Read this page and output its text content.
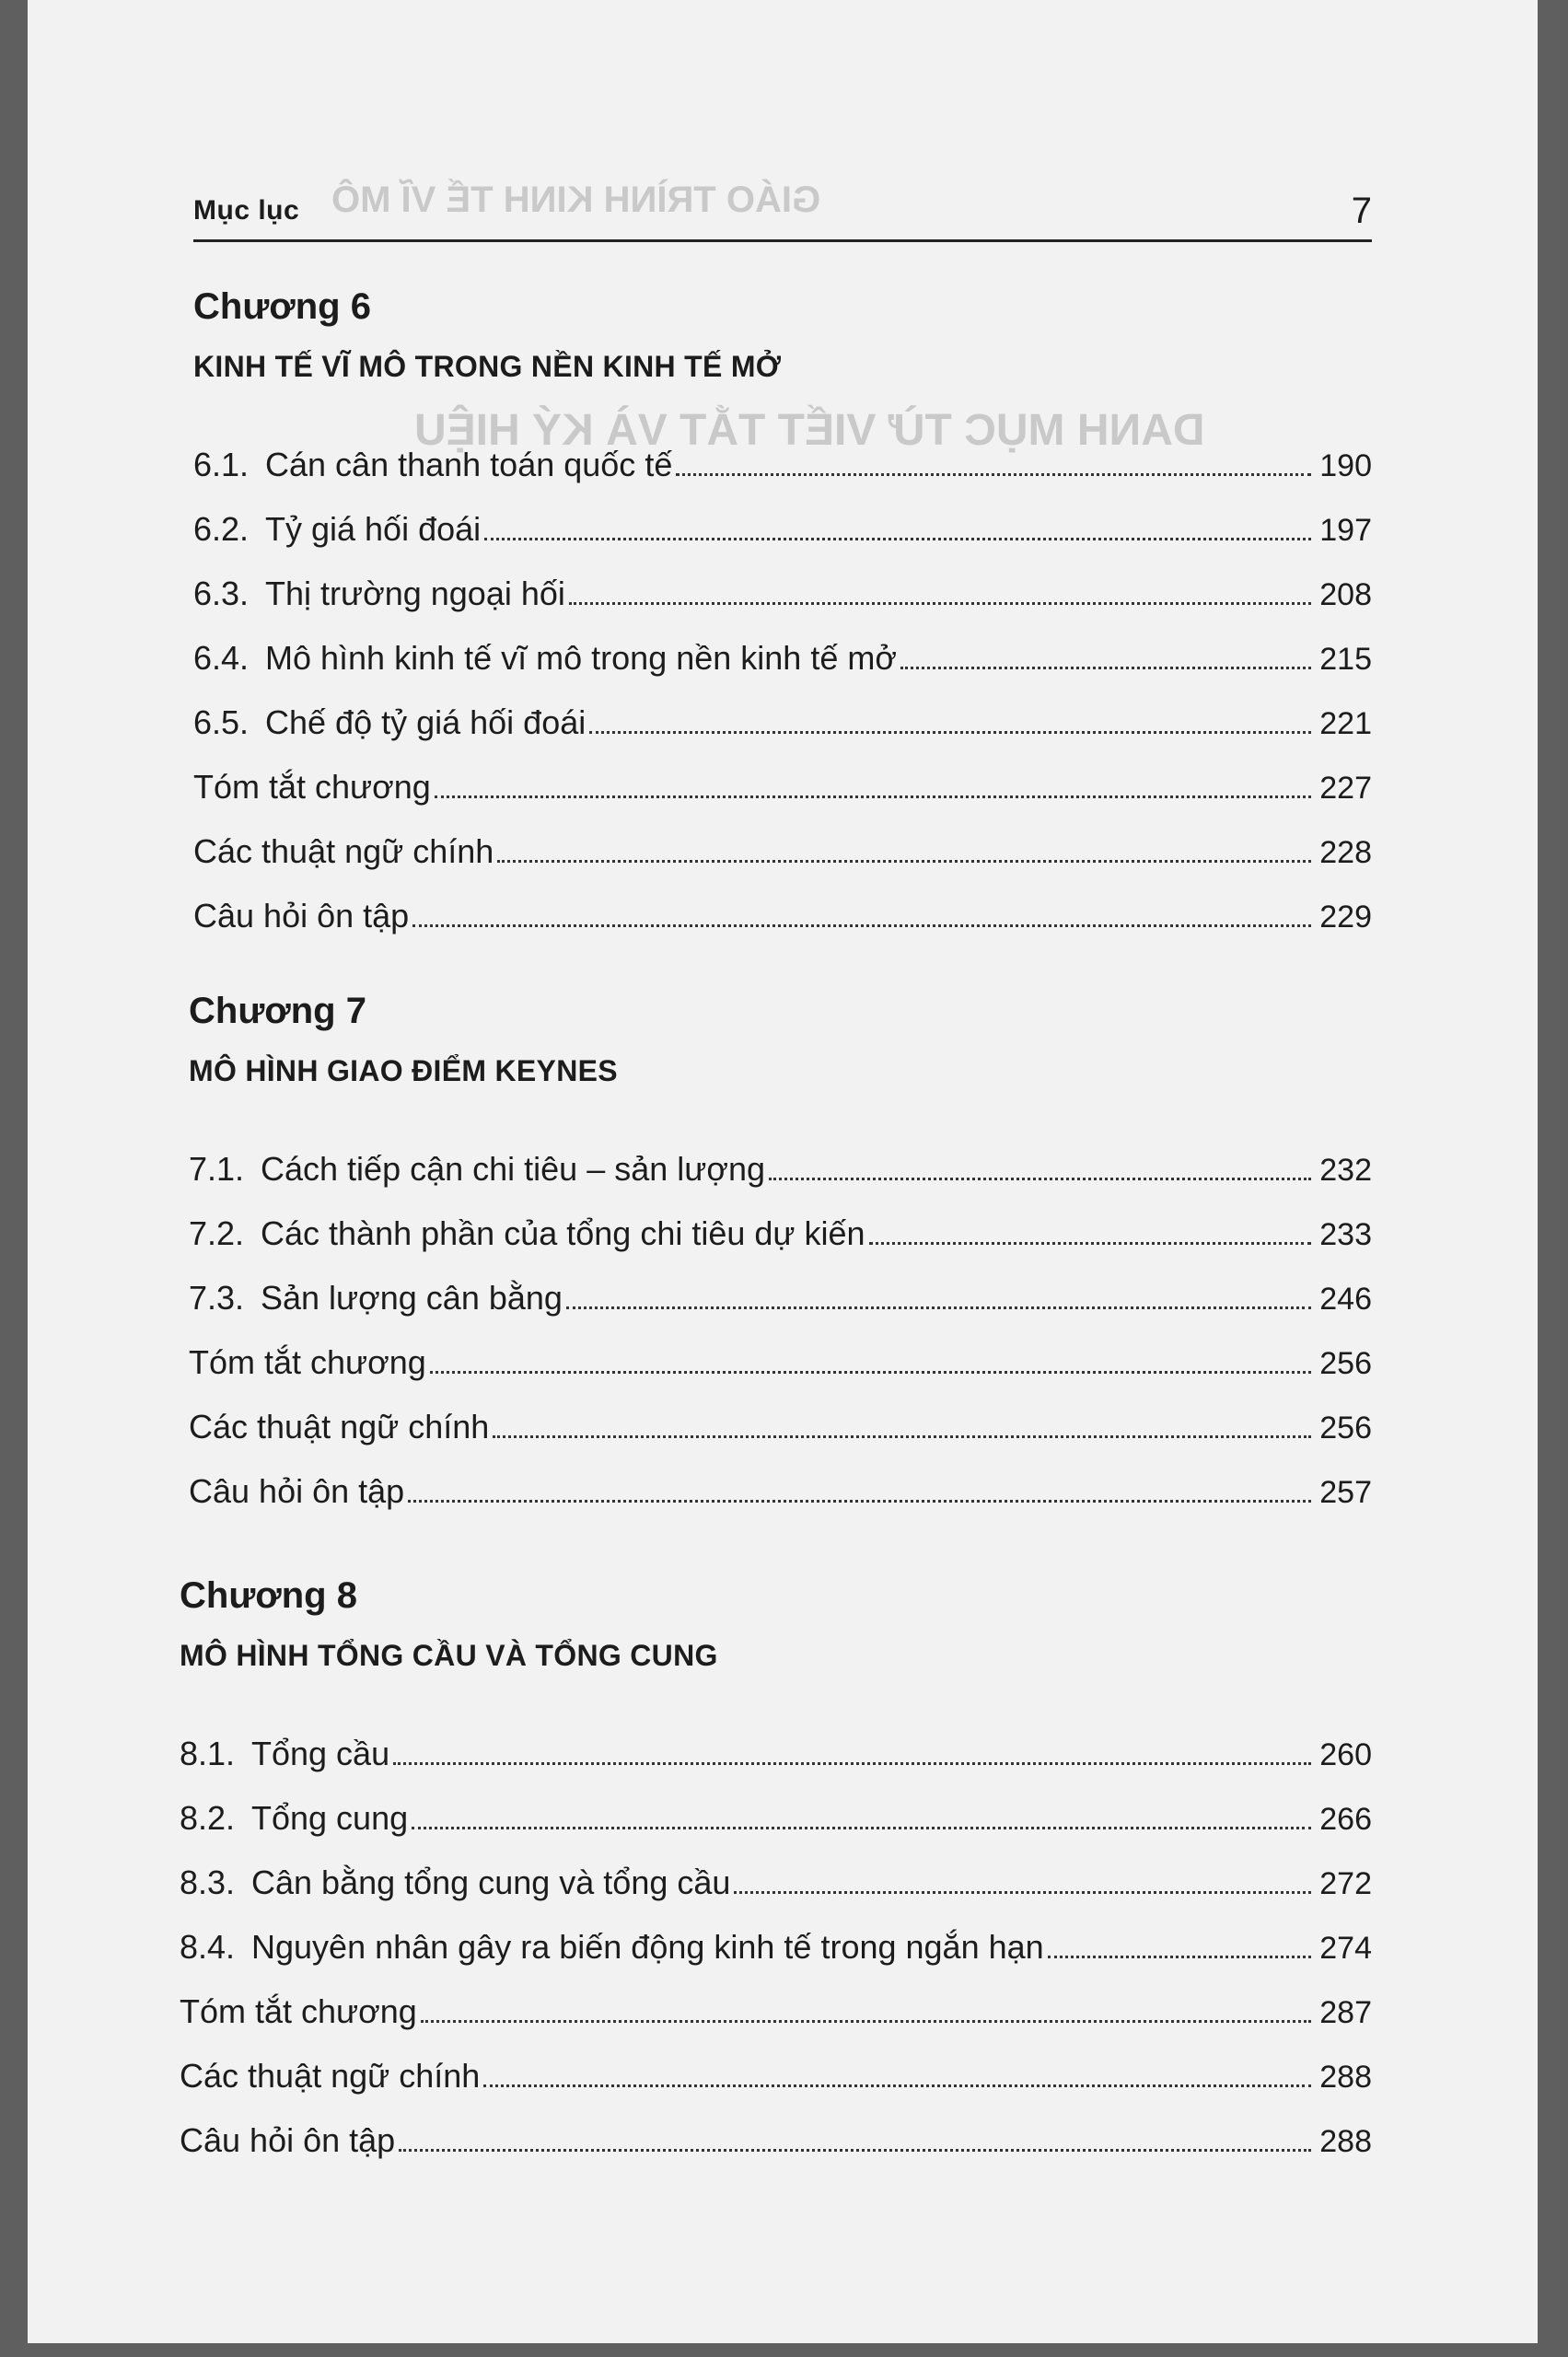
GIÁO TRÌNH KINH TẾ VĨ MÔ
DANH MỤC TỪ VIẾT TẮT VÀ KÝ HIỆU
Mục lục	7
Chương 6
KINH TẾ VĨ MÔ TRONG NỀN KINH TẾ MỞ
6.1. Cán cân thanh toán quốc tế	190
6.2. Tỷ giá hối đoái	197
6.3. Thị trường ngoại hối	208
6.4. Mô hình kinh tế vĩ mô trong nền kinh tế mở	215
6.5. Chế độ tỷ giá hối đoái	221
Tóm tắt chương	227
Các thuật ngữ chính	228
Câu hỏi ôn tập	229
Chương 7
MÔ HÌNH GIAO ĐIỂM KEYNES
7.1. Cách tiếp cận chi tiêu – sản lượng	232
7.2. Các thành phần của tổng chi tiêu dự kiến	233
7.3. Sản lượng cân bằng	246
Tóm tắt chương	256
Các thuật ngữ chính	256
Câu hỏi ôn tập	257
Chương 8
MÔ HÌNH TỔNG CẦU VÀ TỔNG CUNG
8.1. Tổng cầu	260
8.2. Tổng cung	266
8.3. Cân bằng tổng cung và tổng cầu	272
8.4. Nguyên nhân gây ra biến động kinh tế trong ngắn hạn	274
Tóm tắt chương	287
Các thuật ngữ chính	288
Câu hỏi ôn tập	288
